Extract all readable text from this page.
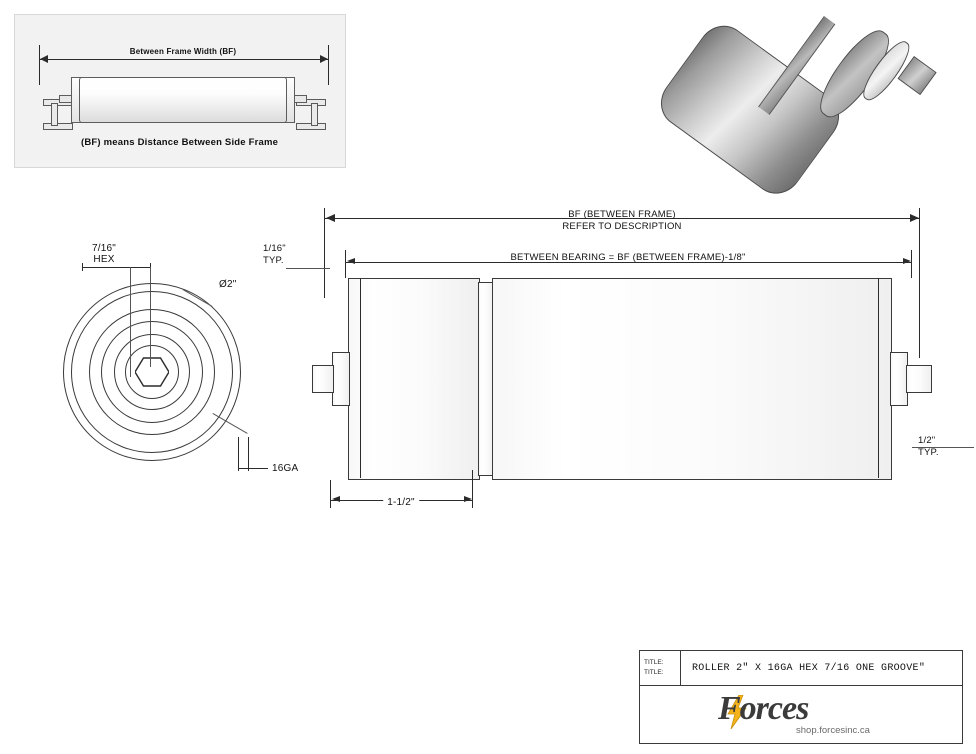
Between Frame Width (BF)
(BF) means Distance Between Side Frame
7/16"
HEX
Ø2"
16GA
BF (BETWEEN FRAME)
REFER TO DESCRIPTION
BETWEEN BEARING = BF (BETWEEN FRAME)-1/8"
1/16"
TYP.
1/2"
TYP.
1-1/2"
TITLE:
TITLE:	ROLLER 2" X 16GA HEX 7/16 ONE GROOVE"
Forces
shop.forcesinc.ca
